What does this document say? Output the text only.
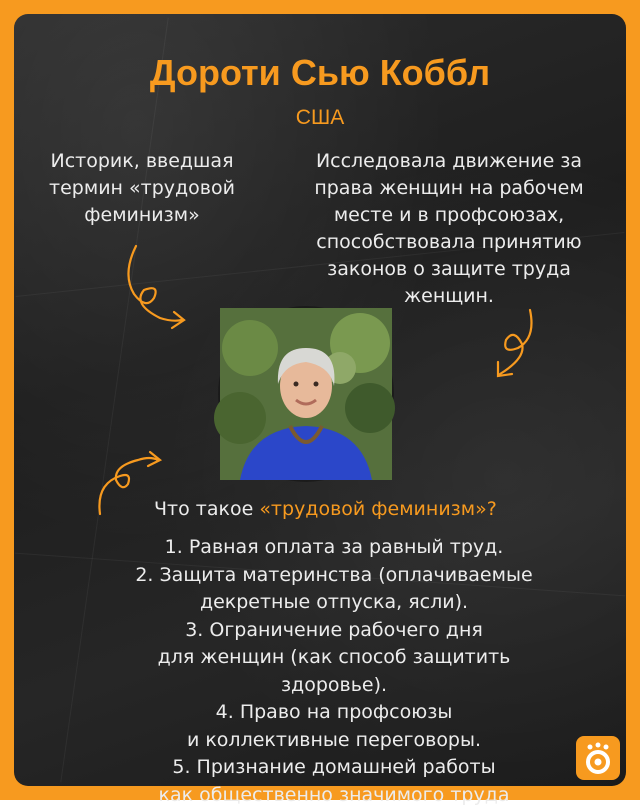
Дороти Сью Коббл
США
Историк, введшая
термин «трудовой
феминизм»
Исследовала движение за
права женщин на рабочем
месте и в профсоюзах,
способствовала принятию
законов о защите труда
женщин.
Что такое «трудовой феминизм»?
1. Равная оплата за равный труд.
2. Защита материнства (оплачиваемые
декретные отпуска, ясли).
3. Ограничение рабочего дня
для женщин (как способ защитить
здоровье).
4. Право на профсоюзы
и коллективные переговоры.
5. Признание домашней работы
как общественно значимого труда
